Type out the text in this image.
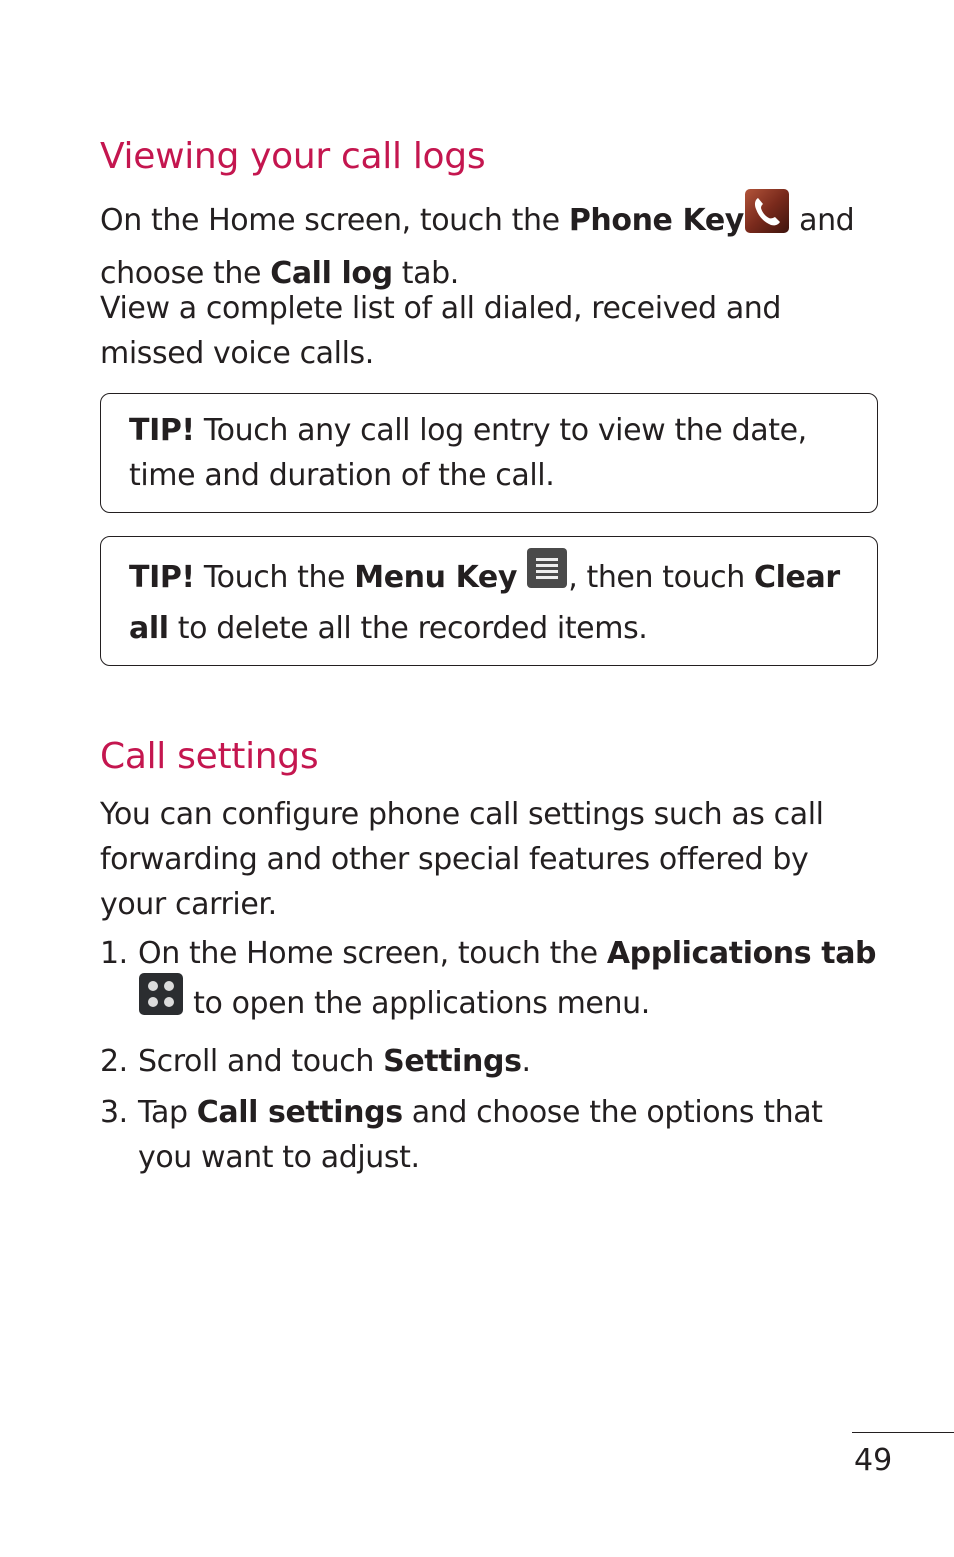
Viewing your call logs

On the Home screen, touch the Phone Key and choose the Call log tab.

View a complete list of all dialed, received and missed voice calls.

TIP! Touch any call log entry to view the date, time and duration of the call.
TIP! Touch the Menu Key , then touch Clear all to delete all the recorded items.
Call settings

You can configure phone call settings such as call forwarding and other special features offered by your carrier.

1. On the Home screen, touch the Applications tab
to open the applications menu.
2. Scroll and touch Settings.
3. Tap Call settings and choose the options that you want to adjust.
49
